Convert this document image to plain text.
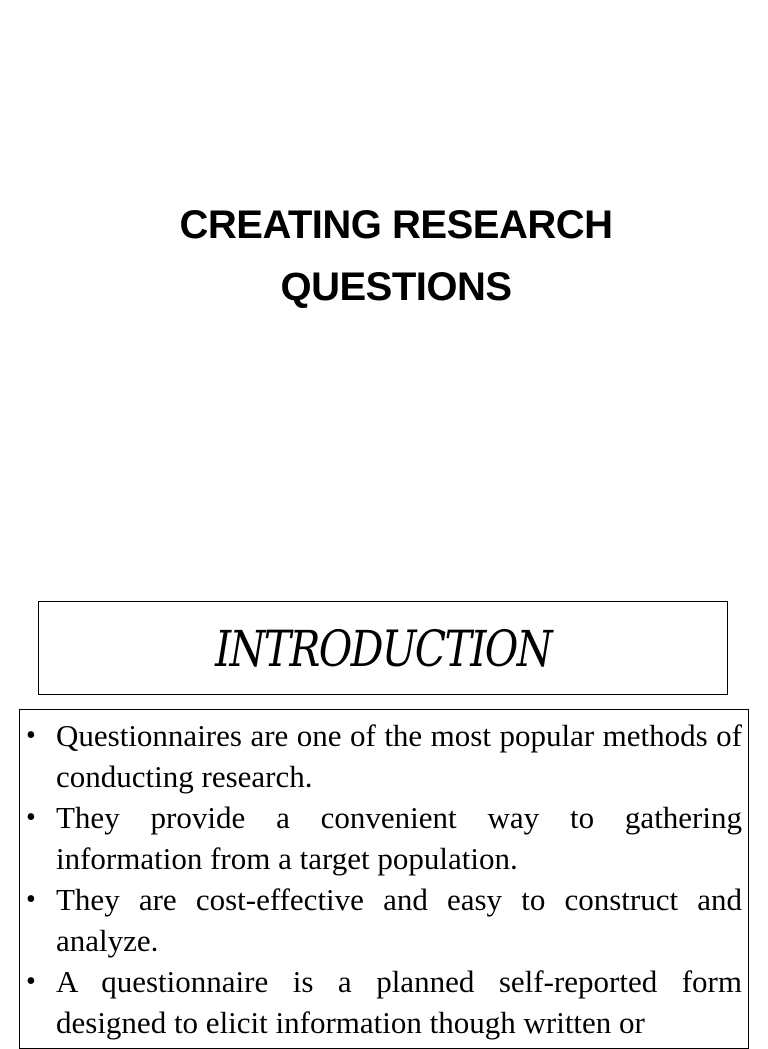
CREATING RESEARCH
QUESTIONS
INTRODUCTION
• Questionnaires are one of the most popular methods of conducting research.
• They provide a convenient way to gathering information from a target population.
• They are cost-effective and easy to construct and analyze.
• A questionnaire is a planned self-reported form designed to elicit information though written or
